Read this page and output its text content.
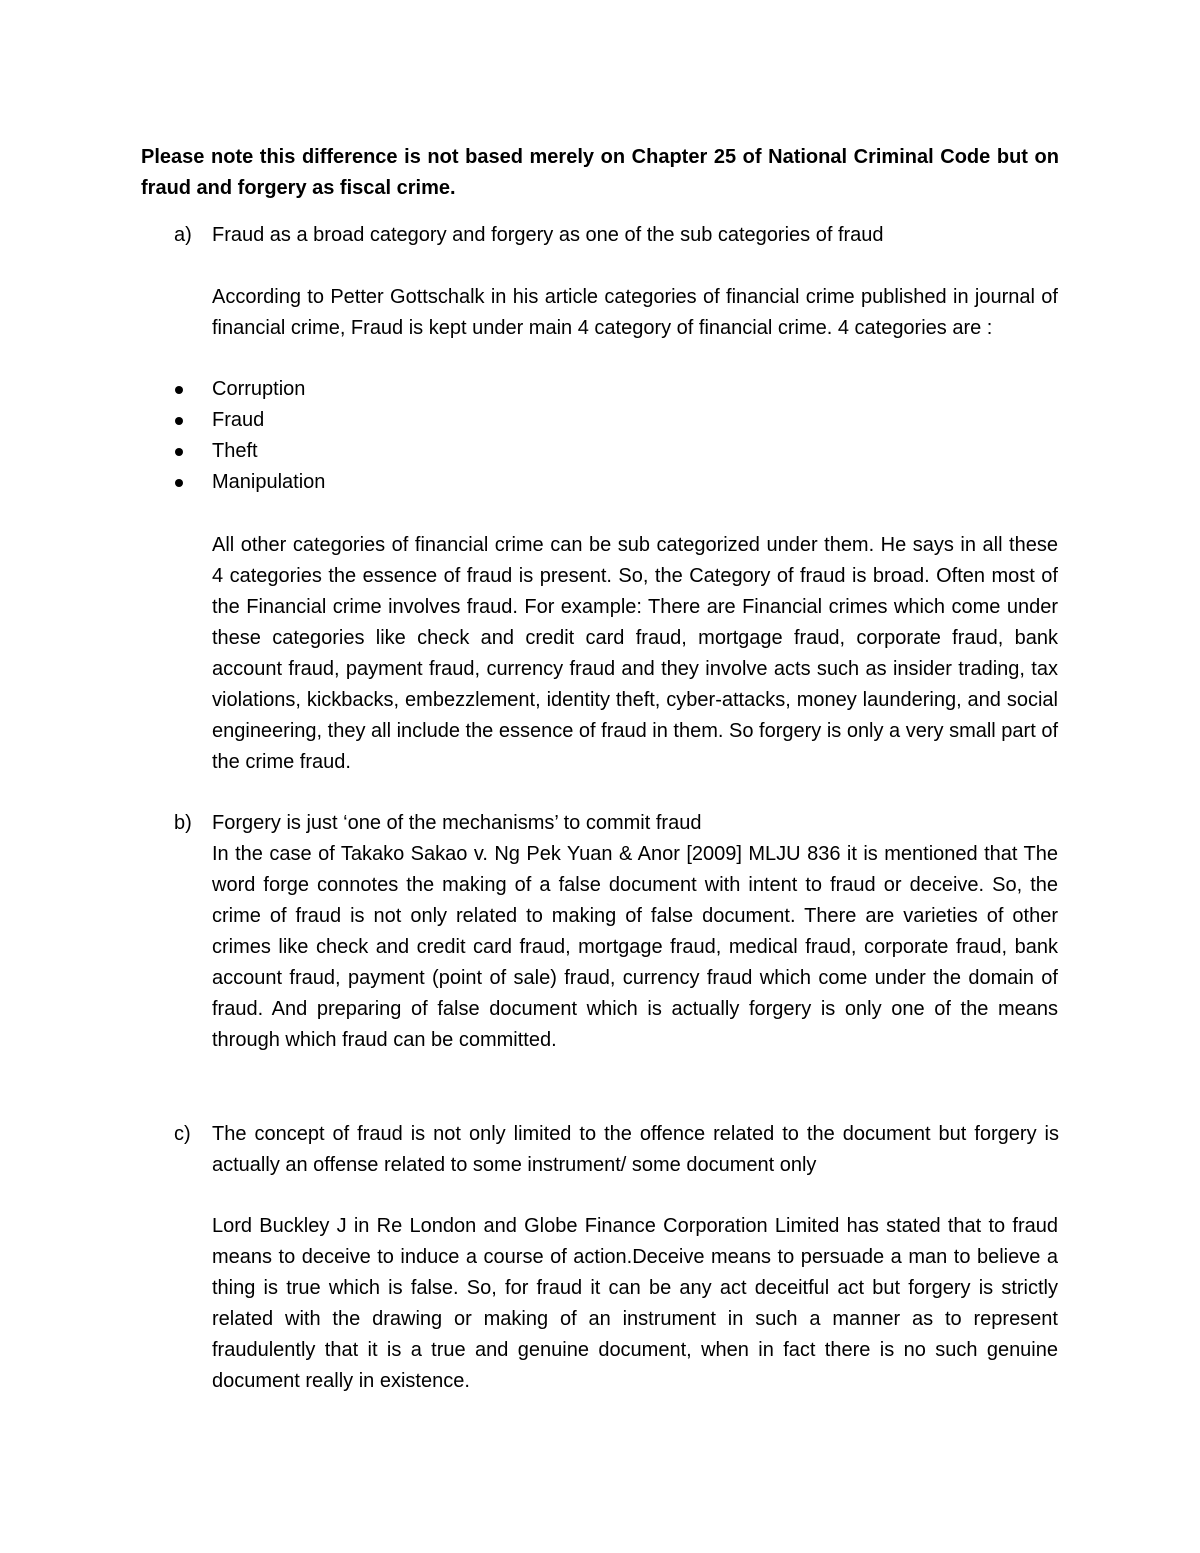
Please note this difference is not based merely on Chapter 25 of National Criminal Code but on fraud and forgery as fiscal crime.
a)	Fraud as a broad category and forgery as one of the sub categories of fraud
According to Petter Gottschalk in his article categories of financial crime published in journal of financial crime, Fraud is kept under main 4 category of financial crime. 4 categories are :
Corruption
Fraud
Theft
Manipulation
All other categories of financial crime can be sub categorized under them. He says in all these 4 categories the essence of fraud is present. So, the Category of fraud is broad. Often most of the Financial crime involves fraud. For example: There are Financial crimes which come under these categories like check and credit card fraud, mortgage fraud, corporate fraud, bank account fraud, payment fraud, currency fraud and they involve acts such as insider trading, tax violations, kickbacks, embezzlement, identity theft, cyber-attacks, money laundering, and social engineering, they all include the essence of fraud in them. So forgery is only a very small part of the crime fraud.
b)	Forgery is just ‘one of the mechanisms’ to commit fraud
In the case of Takako Sakao v. Ng Pek Yuan & Anor [2009] MLJU 836 it is mentioned that The word forge connotes the making of a false document with intent to fraud or deceive. So, the crime of fraud is not only related to making of false document. There are varieties of other crimes like check and credit card fraud, mortgage fraud, medical fraud, corporate fraud, bank account fraud, payment (point of sale) fraud, currency fraud which come under the domain of fraud. And preparing of false document which is actually forgery is only one of the means through which fraud can be committed.
c)	The concept of fraud is not only limited to the offence related to the document but forgery is actually an offense related to some instrument/ some document only
Lord Buckley J in Re London and Globe Finance Corporation Limited has stated that to fraud means to deceive to induce a course of action.Deceive means to persuade a man to believe a thing is true which is false. So, for fraud it can be any act deceitful act but forgery is strictly related with the drawing or making of an instrument in such a manner as to represent fraudulently that it is a true and genuine document, when in fact there is no such genuine document really in existence.
